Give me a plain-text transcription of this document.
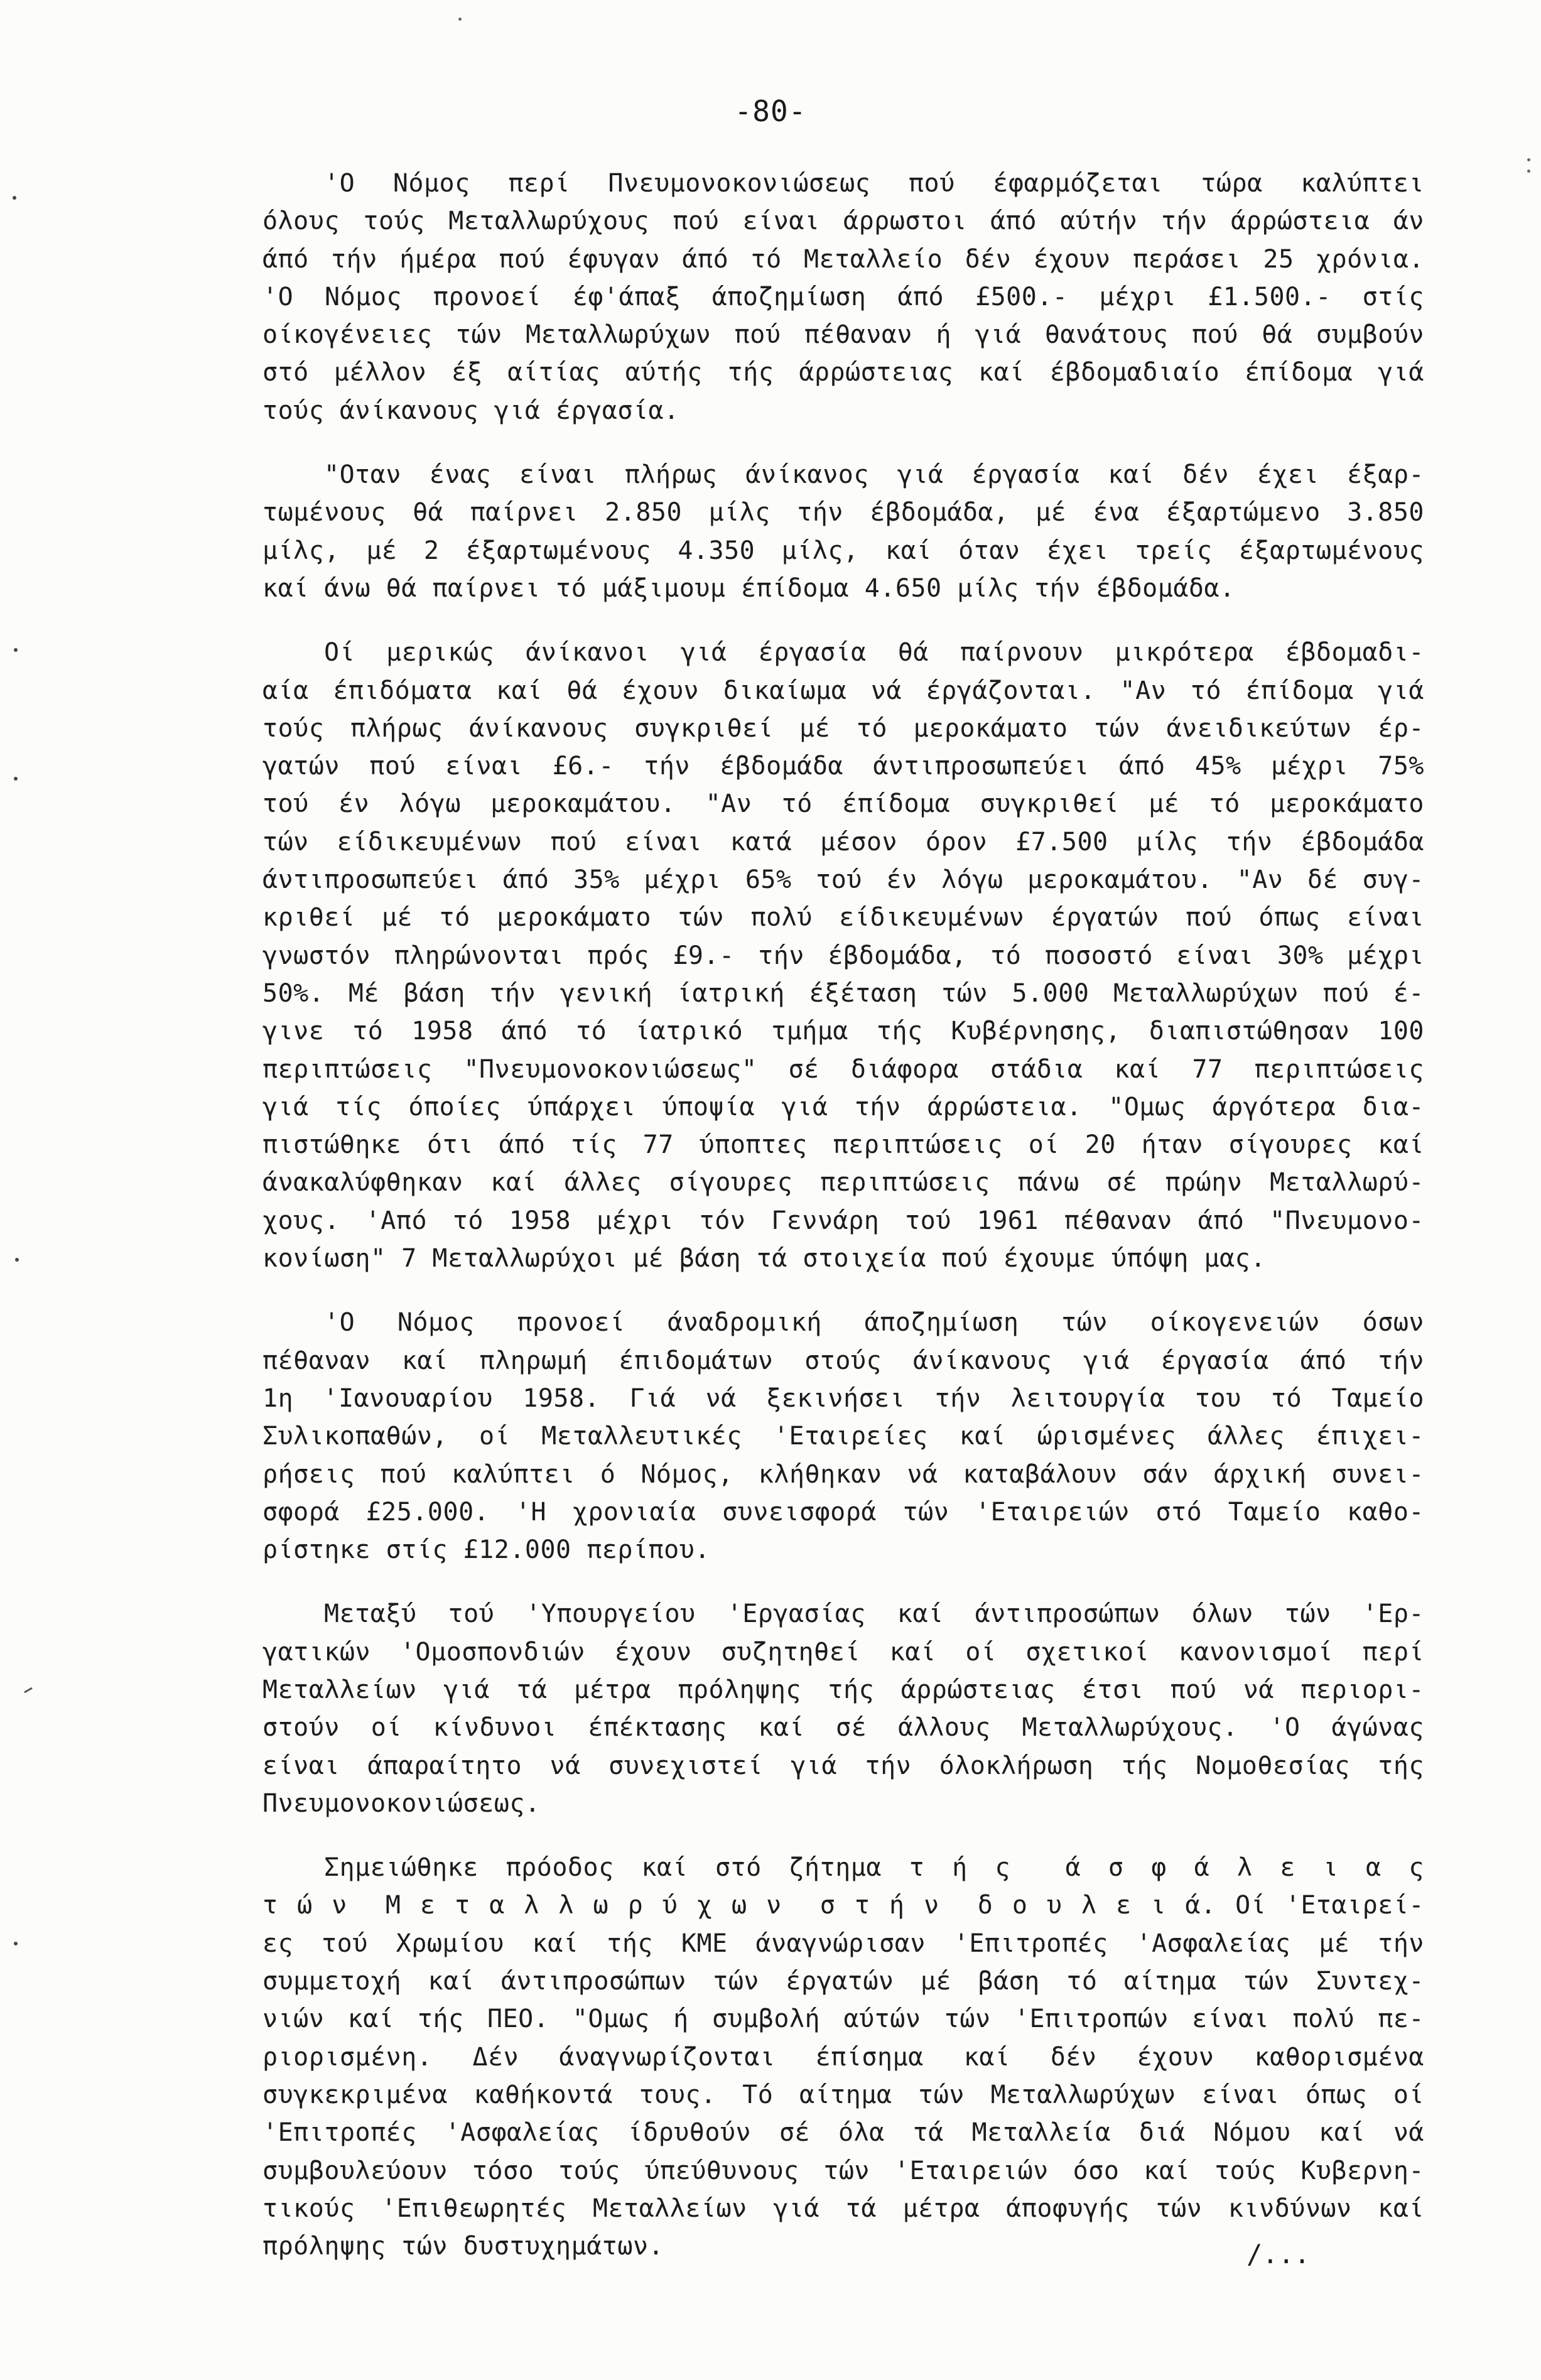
-80-
'Ο Νόμος περί Πνευμονοκονιώσεως πού έφαρμόζεται τώρα καλύπτει
όλους τούς Μεταλλωρύχους πού είναι άρρωστοι άπό αύτήν τήν άρρώστεια άν
άπό τήν ήμέρα πού έφυγαν άπό τό Μεταλλείο δέν έχουν περάσει 25 χρόνια.
'Ο Νόμος προνοεί έφ'άπαξ άποζημίωση άπό £500.- μέχρι £1.500.- στίς
οίκογένειες τών Μεταλλωρύχων πού πέθαναν ή γιά θανάτους πού θά συμβούν
στό μέλλον έξ αίτίας αύτής τής άρρώστειας καί έβδομαδιαίο έπίδομα γιά
τούς άνίκανους γιά έργασία.
"Οταν ένας είναι πλήρως άνίκανος γιά έργασία καί δέν έχει έξαρ-
τωμένους θά παίρνει 2.850 μίλς τήν έβδομάδα, μέ ένα έξαρτώμενο 3.850
μίλς, μέ 2 έξαρτωμένους 4.350 μίλς, καί όταν έχει τρείς έξαρτωμένους
καί άνω θά παίρνει τό μάξιμουμ έπίδομα 4.650 μίλς τήν έβδομάδα.
Οί μερικώς άνίκανοι γιά έργασία θά παίρνουν μικρότερα έβδομαδι-
αία έπιδόματα καί θά έχουν δικαίωμα νά έργάζονται. "Αν τό έπίδομα γιά
τούς πλήρως άνίκανους συγκριθεί μέ τό μεροκάματο τών άνειδικεύτων έρ-
γατών πού είναι £6.- τήν έβδομάδα άντιπροσωπεύει άπό 45% μέχρι 75%
τού έν λόγω μεροκαμάτου. "Αν τό έπίδομα συγκριθεί μέ τό μεροκάματο
τών είδικευμένων πού είναι κατά μέσον όρον £7.500 μίλς τήν έβδομάδα
άντιπροσωπεύει άπό 35% μέχρι 65% τού έν λόγω μεροκαμάτου. "Αν δέ συγ-
κριθεί μέ τό μεροκάματο τών πολύ είδικευμένων έργατών πού όπως είναι
γνωστόν πληρώνονται πρός £9.- τήν έβδομάδα, τό ποσοστό είναι 30% μέχρι
50%. Μέ βάση τήν γενική ίατρική έξέταση τών 5.000 Μεταλλωρύχων πού έ-
γινε τό 1958 άπό τό ίατρικό τμήμα τής Κυβέρνησης, διαπιστώθησαν 100
περιπτώσεις "Πνευμονοκονιώσεως" σέ διάφορα στάδια καί 77 περιπτώσεις
γιά τίς όποίες ύπάρχει ύποψία γιά τήν άρρώστεια. "Ομως άργότερα δια-
πιστώθηκε ότι άπό τίς 77 ύποπτες περιπτώσεις οί 20 ήταν σίγουρες καί
άνακαλύφθηκαν καί άλλες σίγουρες περιπτώσεις πάνω σέ πρώην Μεταλλωρύ-
χους. 'Από τό 1958 μέχρι τόν Γεννάρη τού 1961 πέθαναν άπό "Πνευμονο-
κονίωση" 7 Μεταλλωρύχοι μέ βάση τά στοιχεία πού έχουμε ύπόψη μας.
'Ο Νόμος προνοεί άναδρομική άποζημίωση τών οίκογενειών όσων
πέθαναν καί πληρωμή έπιδομάτων στούς άνίκανους γιά έργασία άπό τήν
1η 'Ιανουαρίου 1958. Γιά νά ξεκινήσει τήν λειτουργία του τό Ταμείο
Συλικοπαθών, οί Μεταλλευτικές 'Εταιρείες καί ώρισμένες άλλες έπιχει-
ρήσεις πού καλύπτει ό Νόμος, κλήθηκαν νά καταβάλουν σάν άρχική συνει-
σφορά £25.000. 'Η χρονιαία συνεισφορά τών 'Εταιρειών στό Ταμείο καθο-
ρίστηκε στίς £12.000 περίπου.
Μεταξύ τού 'Υπουργείου 'Εργασίας καί άντιπροσώπων όλων τών 'Ερ-
γατικών 'Ομοσπονδιών έχουν συζητηθεί καί οί σχετικοί κανονισμοί περί
Μεταλλείων γιά τά μέτρα πρόληψης τής άρρώστειας έτσι πού νά περιορι-
στούν οί κίνδυνοι έπέκτασης καί σέ άλλους Μεταλλωρύχους. 'Ο άγώνας
είναι άπαραίτητο νά συνεχιστεί γιά τήν όλοκλήρωση τής Νομοθεσίας τής
Πνευμονοκονιώσεως.
Σημειώθηκε πρόοδος καί στό ζήτημα τ ή ς  ά σ φ ά λ ε ι α ς
τ ώ ν  Μ ε τ α λ λ ω ρ ύ χ ω ν  σ τ ή ν  δ ο υ λ ε ι ά. Οί 'Εταιρεί-
ες τού Χρωμίου καί τής ΚΜΕ άναγνώρισαν 'Επιτροπές 'Ασφαλείας μέ τήν
συμμετοχή καί άντιπροσώπων τών έργατών μέ βάση τό αίτημα τών Συντεχ-
νιών καί τής ΠΕΟ. "Ομως ή συμβολή αύτών τών 'Επιτροπών είναι πολύ πε-
ριορισμένη. Δέν άναγνωρίζονται έπίσημα καί δέν έχουν καθορισμένα
συγκεκριμένα καθήκοντά τους. Τό αίτημα τών Μεταλλωρύχων είναι όπως οί
'Επιτροπές 'Ασφαλείας ίδρυθούν σέ όλα τά Μεταλλεία διά Νόμου καί νά
συμβουλεύουν τόσο τούς ύπεύθυνους τών 'Εταιρειών όσο καί τούς Κυβερνη-
τικούς 'Επιθεωρητές Μεταλλείων γιά τά μέτρα άποφυγής τών κινδύνων καί
πρόληψης τών δυστυχημάτων.	/...
